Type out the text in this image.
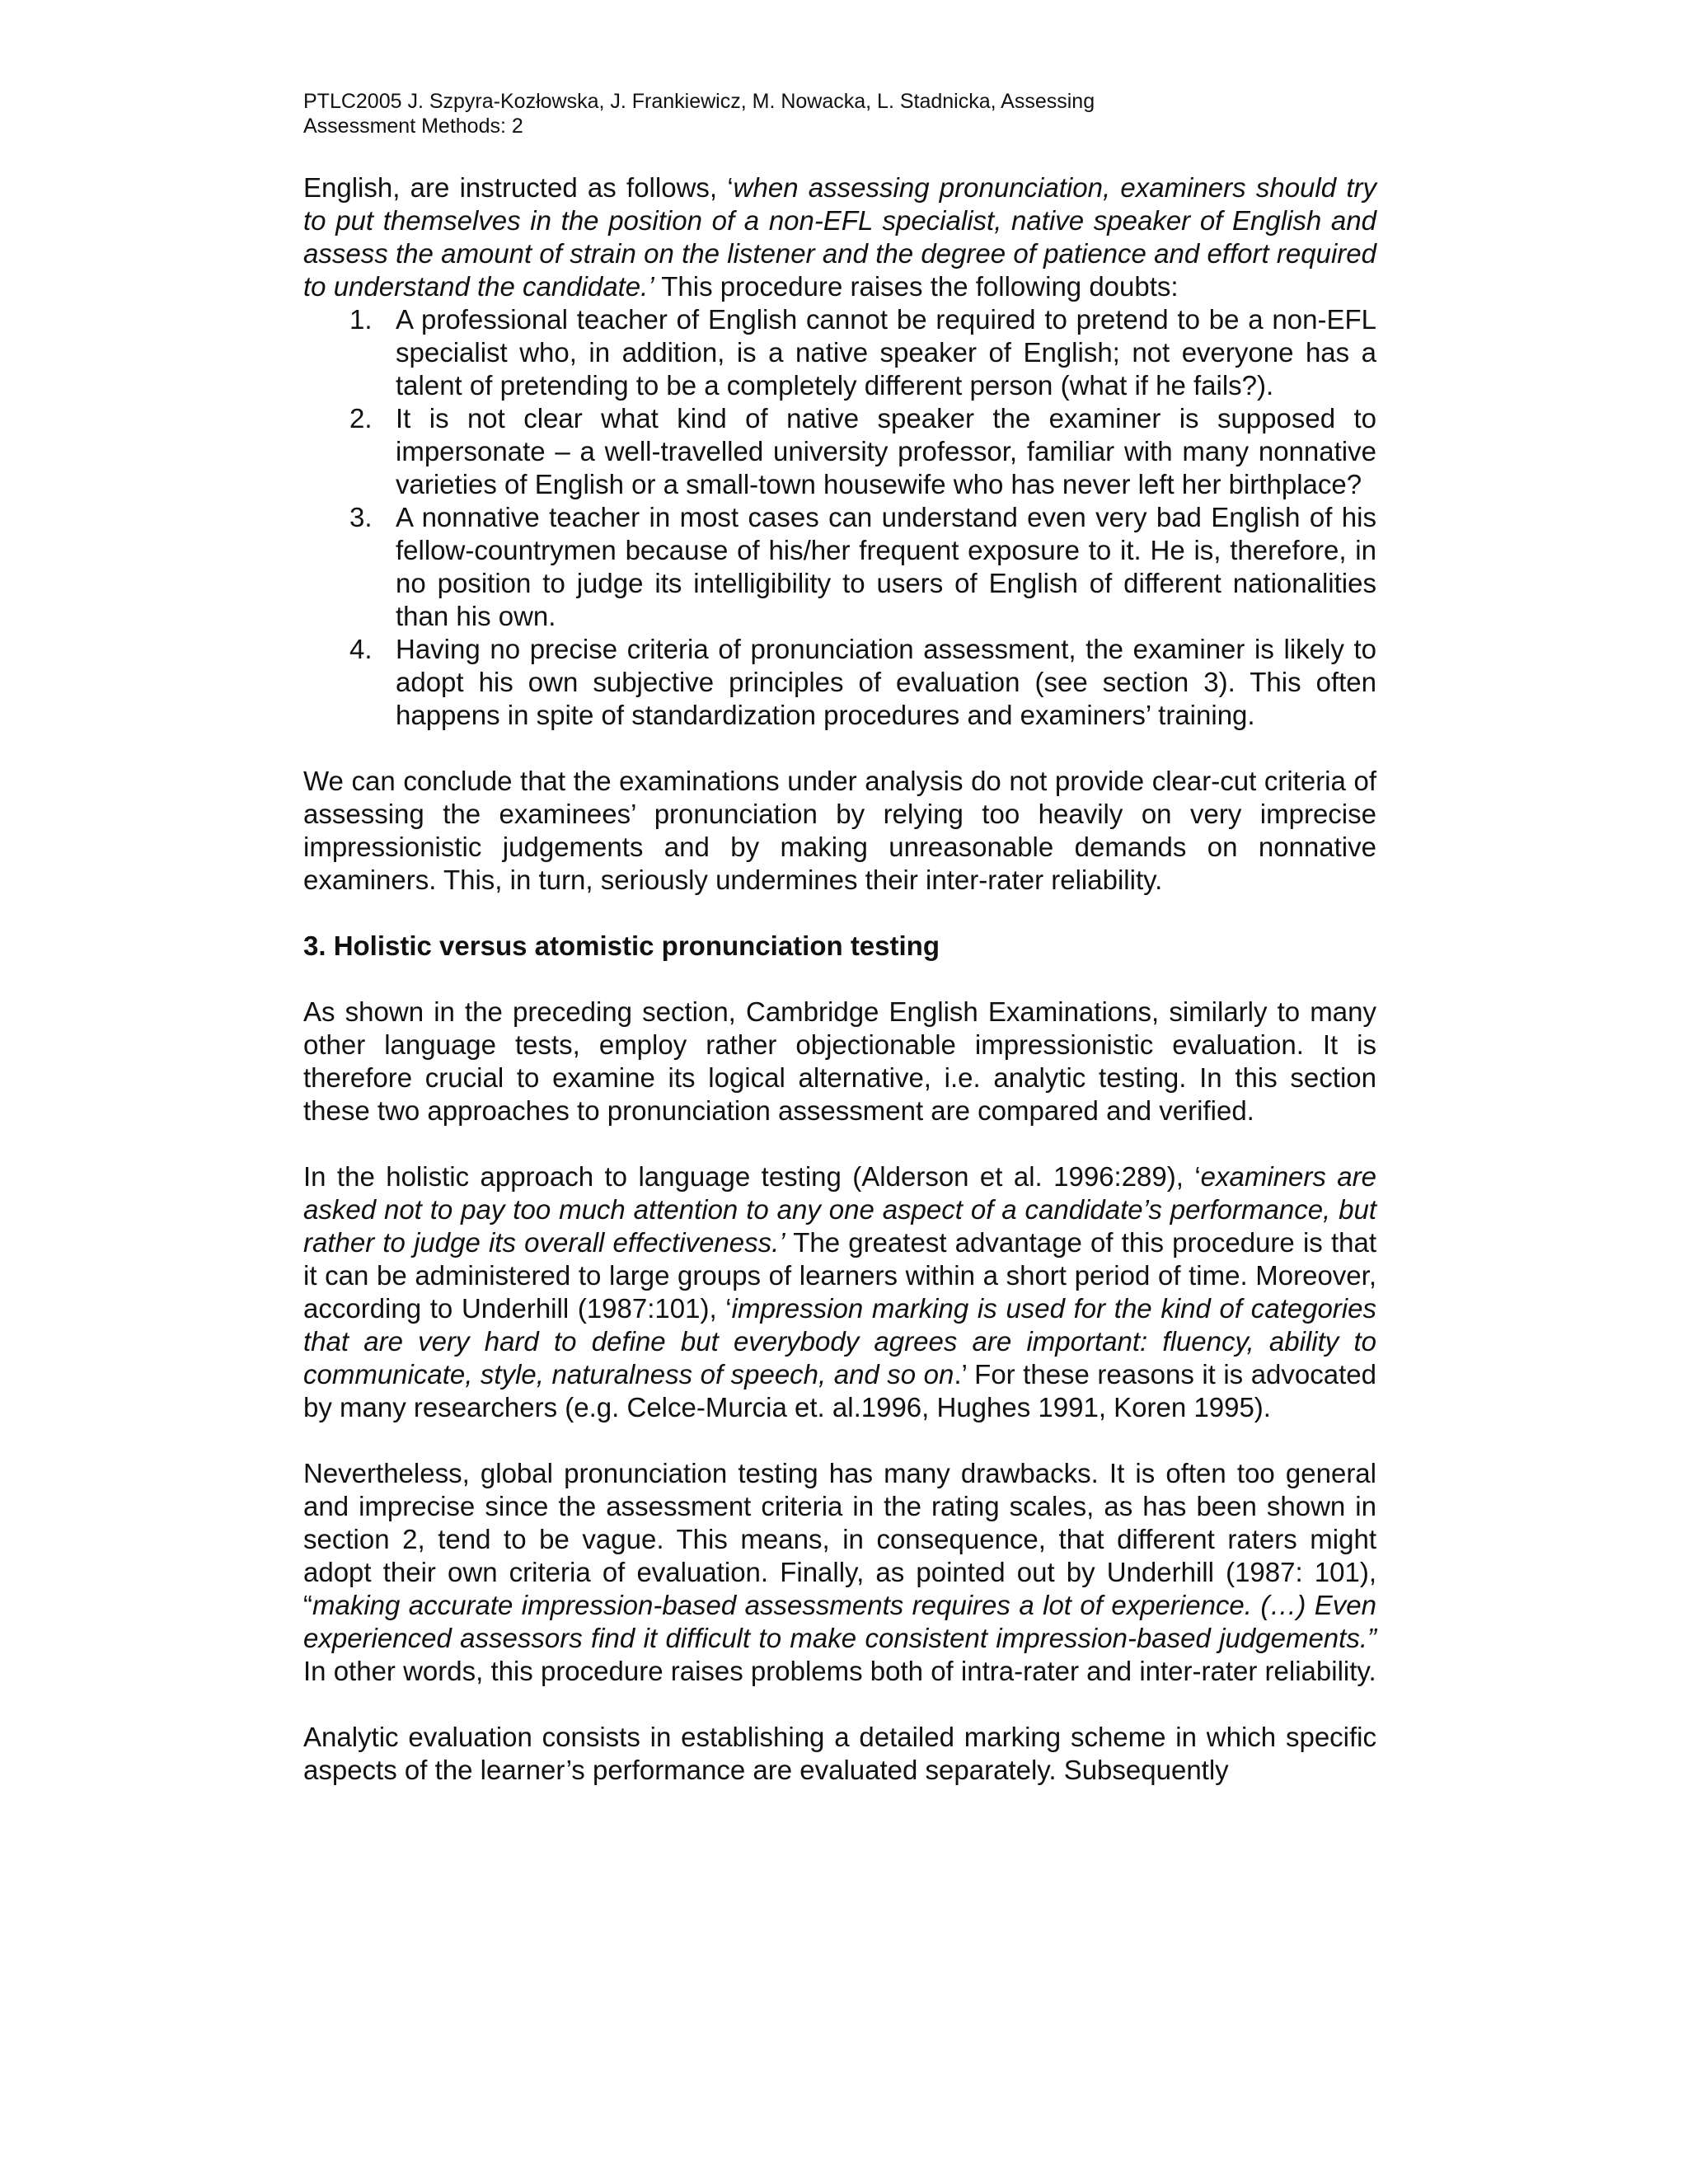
PTLC2005 J. Szpyra-Kozłowska, J. Frankiewicz, M. Nowacka, L. Stadnicka, Assessing
Assessment Methods: 2

English, are instructed as follows, ‘when assessing pronunciation, examiners should try to put themselves in the position of a non-EFL specialist, native speaker of English and assess the amount of strain on the listener and the degree of patience and effort required to understand the candidate.’ This procedure raises the following doubts:

1. A professional teacher of English cannot be required to pretend to be a non-EFL specialist who, in addition, is a native speaker of English; not everyone has a talent of pretending to be a completely different person (what if he fails?).
2. It is not clear what kind of native speaker the examiner is supposed to impersonate – a well-travelled university professor, familiar with many nonnative varieties of English or a small-town housewife who has never left her birthplace?
3. A nonnative teacher in most cases can understand even very bad English of his fellow-countrymen because of his/her frequent exposure to it. He is, therefore, in no position to judge its intelligibility to users of English of different nationalities than his own.
4. Having no precise criteria of pronunciation assessment, the examiner is likely to adopt his own subjective principles of evaluation (see section 3). This often happens in spite of standardization procedures and examiners’ training.

We can conclude that the examinations under analysis do not provide clear-cut criteria of assessing the examinees’ pronunciation by relying too heavily on very imprecise impressionistic judgements and by making unreasonable demands on nonnative examiners. This, in turn, seriously undermines their inter-rater reliability.

3. Holistic versus atomistic pronunciation testing

As shown in the preceding section, Cambridge English Examinations, similarly to many other language tests, employ rather objectionable impressionistic evaluation. It is therefore crucial to examine its logical alternative, i.e. analytic testing. In this section these two approaches to pronunciation assessment are compared and verified.

In the holistic approach to language testing (Alderson et al. 1996:289), ‘examiners are asked not to pay too much attention to any one aspect of a candidate’s performance, but rather to judge its overall effectiveness.’ The greatest advantage of this procedure is that it can be administered to large groups of learners within a short period of time. Moreover, according to Underhill (1987:101), ‘impression marking is used for the kind of categories that are very hard to define but everybody agrees are important: fluency, ability to communicate, style, naturalness of speech, and so on.’ For these reasons it is advocated by many researchers (e.g. Celce-Murcia et. al.1996, Hughes 1991, Koren 1995).

Nevertheless, global pronunciation testing has many drawbacks. It is often too general and imprecise since the assessment criteria in the rating scales, as has been shown in section 2, tend to be vague. This means, in consequence, that different raters might adopt their own criteria of evaluation. Finally, as pointed out by Underhill (1987: 101), “making accurate impression-based assessments requires a lot of experience. (…) Even experienced assessors find it difficult to make consistent impression-based judgements.” In other words, this procedure raises problems both of intra-rater and inter-rater reliability.

Analytic evaluation consists in establishing a detailed marking scheme in which specific aspects of the learner’s performance are evaluated separately. Subsequently
